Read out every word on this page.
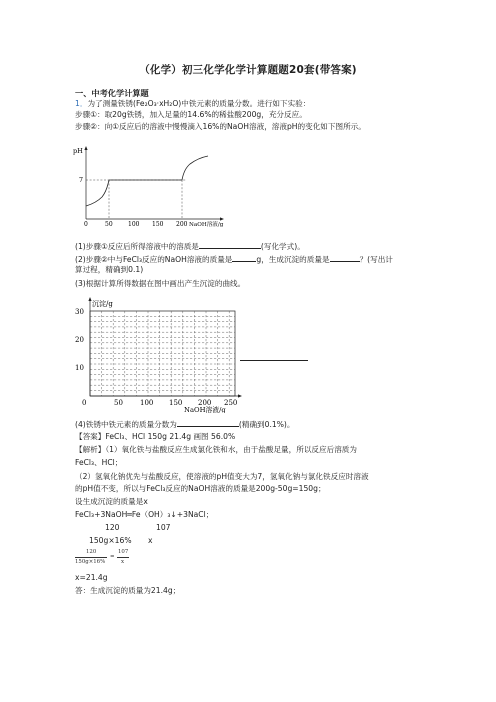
（化学）初三化学化学计算题题20套(带答案)
一、中考化学计算题
1．为了测量铁锈(Fe₂O₃·xH₂O)中铁元素的质量分数。进行如下实验：
步骤①：取20g铁锈，加入足量的14.6%的稀盐酸200g，充分反应。
步骤②：向①反应后的溶液中慢慢滴入16%的NaOH溶液，溶液pH的变化如下图所示。
pH
7
0	50	100 150 200 NaOH溶液/g
(1)步骤①反应后所得溶液中的溶质是	(写化学式)。
(2)步骤②中与FeCl₃反应的NaOH溶液的质量是	g，生成沉淀的质量是	？(写出计
算过程，精确到0.1)
(3)根据计算所得数据在图中画出产生沉淀的曲线。
沉淀/g
30
20
10
0	50 100 150 200 250
NaOH溶液/g
(4)铁锈中铁元素的质量分数为	(精确到0.1%)。
【答案】FeCl₃、HCl 150g 21.4g 画图 56.0%
【解析】（1）氧化铁与盐酸反应生成氯化铁和水，由于盐酸足量，所以反应后溶质为
FeCl₃、HCl；
（2）氢氧化钠优先与盐酸反应，使溶液的pH值变大为7，氢氧化钠与氯化铁反应时溶液
的pH值不变，所以与FeCl₃反应的NaOH溶液的质量是200g-50g=150g；
设生成沉淀的质量是x
FeCl₃+3NaOH═Fe（OH）₃↓+3NaCl；
120	107
150g×16% x
120
150g×16%
=
107
x
x=21.4g
答：生成沉淀的质量为21.4g；
